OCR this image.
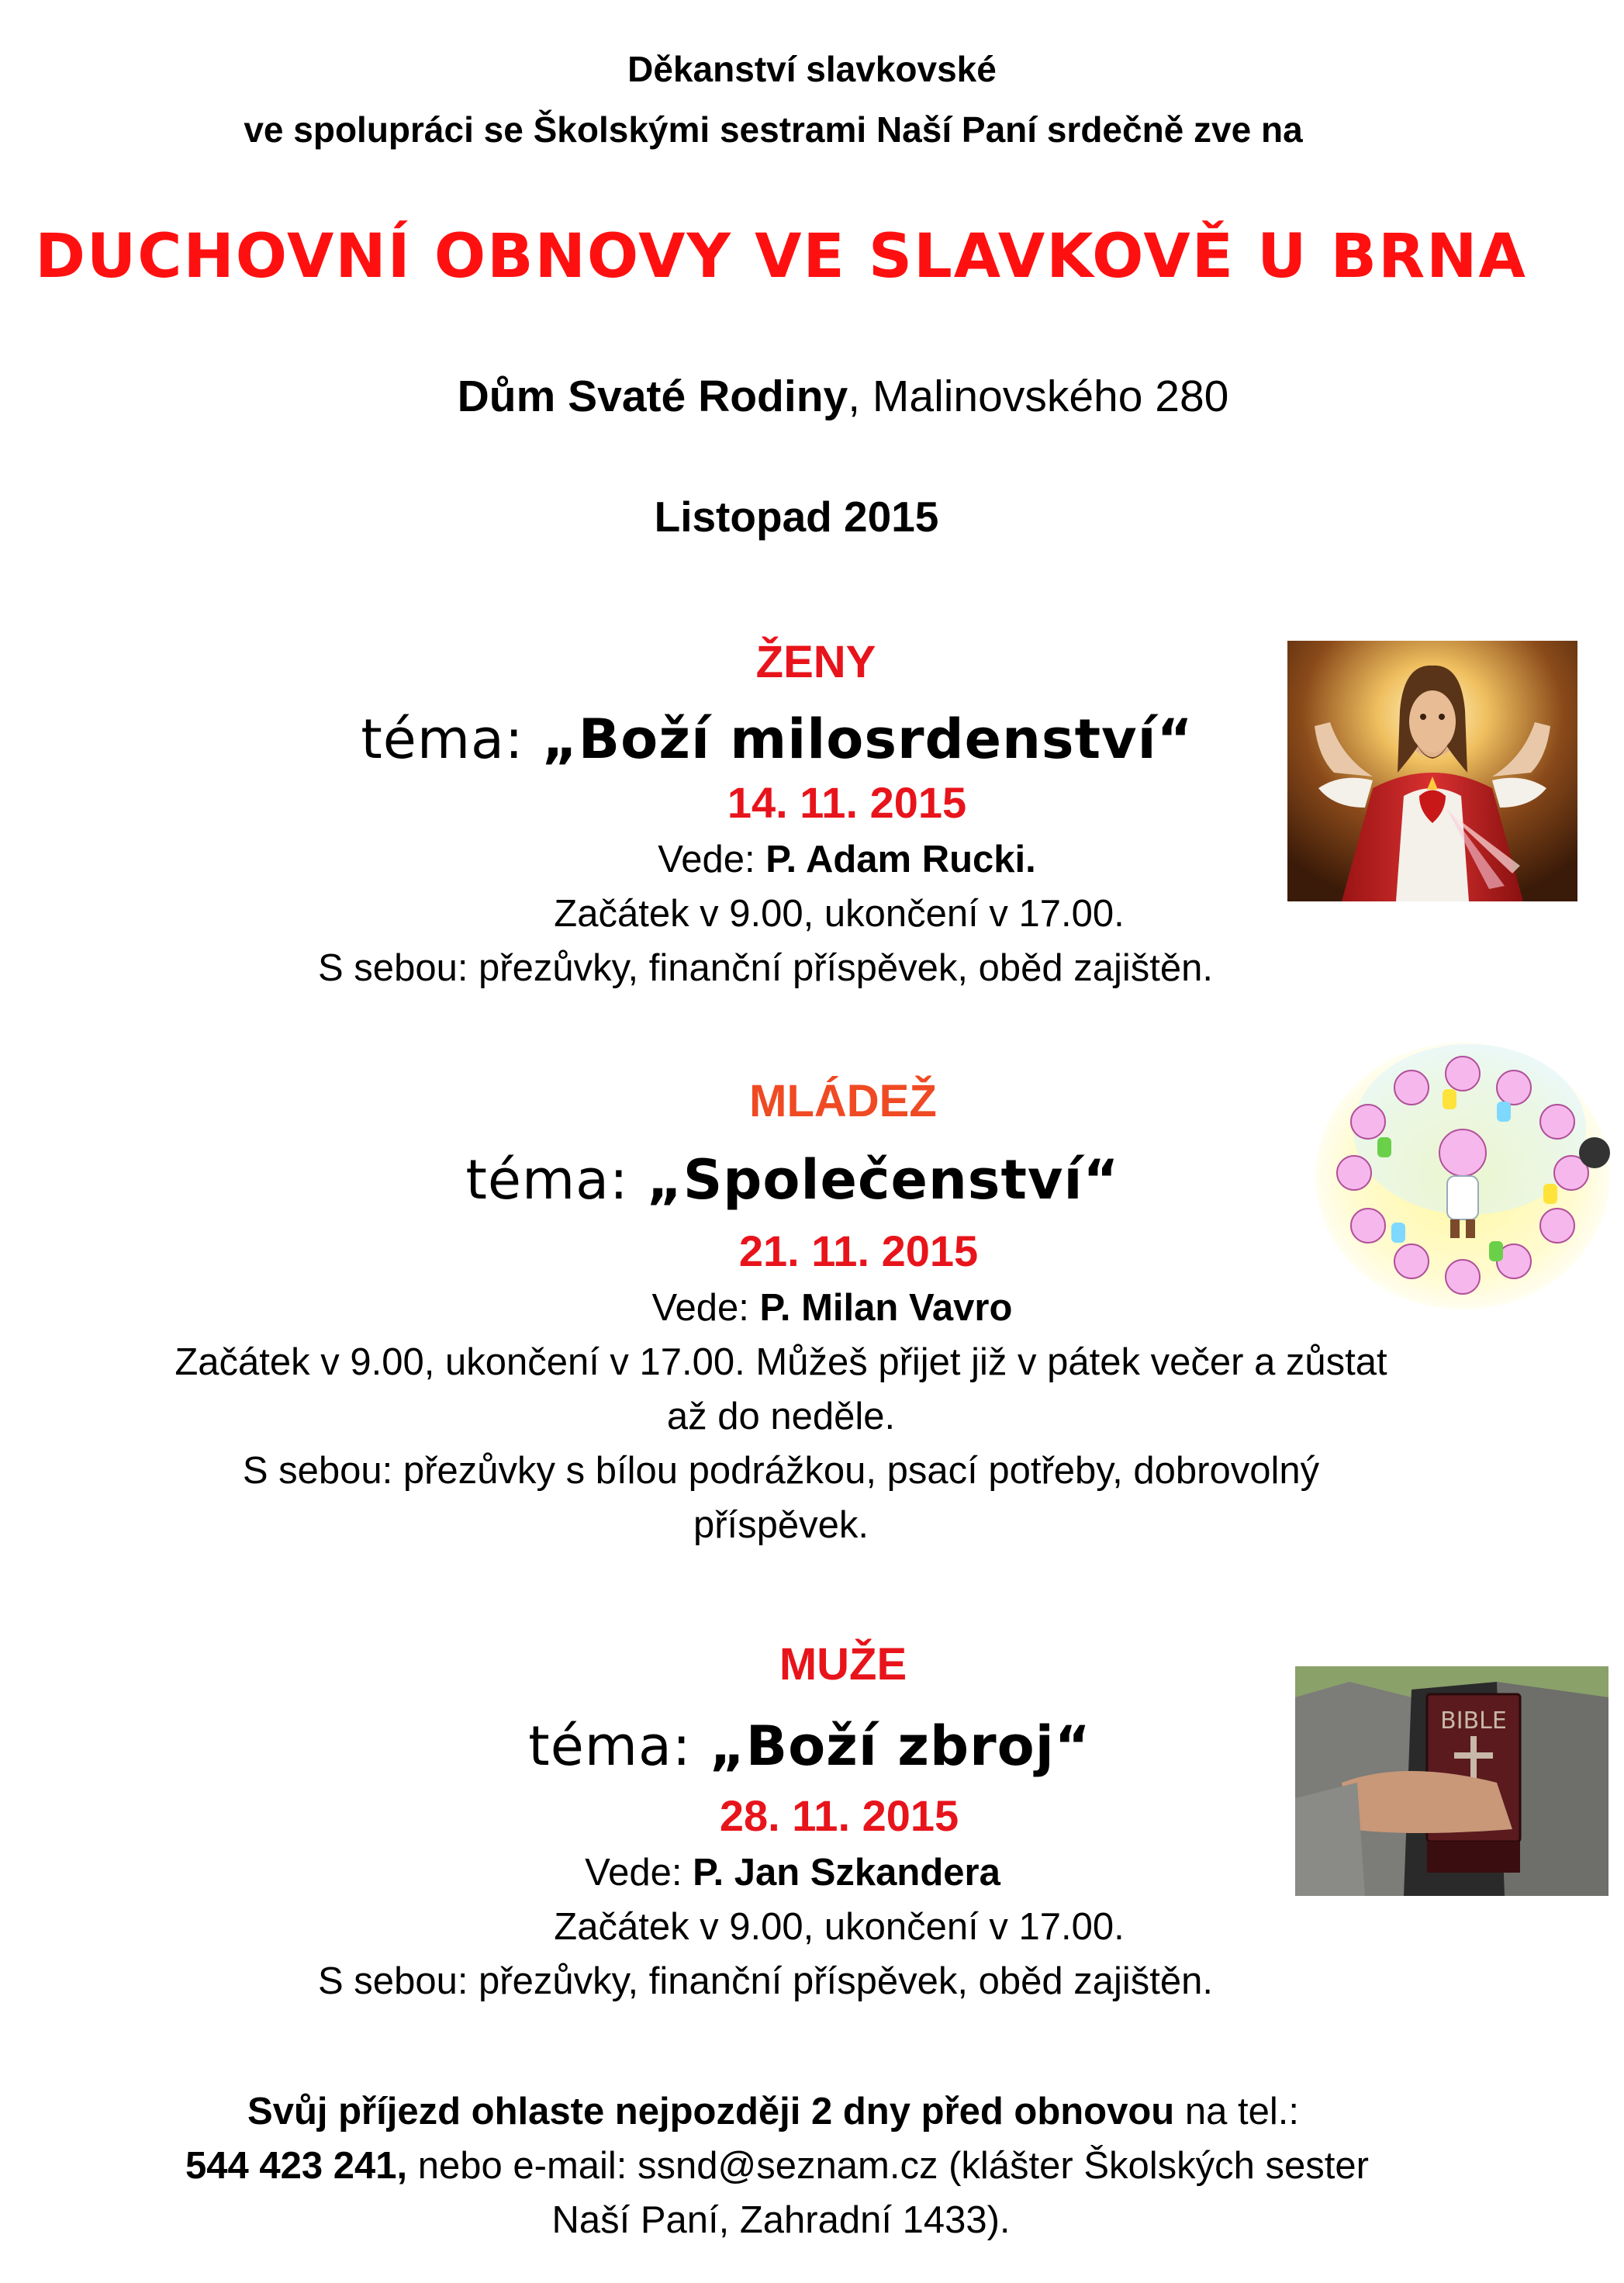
Děkanství slavkovské
ve spolupráci se Školskými sestrami Naší Paní srdečně zve na
DUCHOVNÍ OBNOVY VE SLAVKOVĚ U BRNA
Dům Svaté Rodiny, Malinovského 280
Listopad 2015
ŽENY
téma: „Boží milosrdenství“
14. 11. 2015
Vede: P. Adam Rucki.
Začátek v 9.00, ukončení v 17.00.
S sebou: přezůvky, finanční příspěvek, oběd zajištěn.
MLÁDEŽ
téma: „Společenství“
21. 11. 2015
Vede: P. Milan Vavro
Začátek v 9.00, ukončení v 17.00. Můžeš přijet již v pátek večer a zůstat
až do neděle.
S sebou: přezůvky s bílou podrážkou, psací potřeby, dobrovolný
příspěvek.
MUŽE
téma: „Boží zbroj“
28. 11. 2015
Vede: P. Jan Szkandera
Začátek v 9.00, ukončení v 17.00.
S sebou: přezůvky, finanční příspěvek, oběd zajištěn.
BIBLE
Svůj příjezd ohlaste nejpozději 2 dny před obnovou na tel.:
544 423 241, nebo e-mail: ssnd@seznam.cz (klášter Školských sester
Naší Paní, Zahradní 1433).
